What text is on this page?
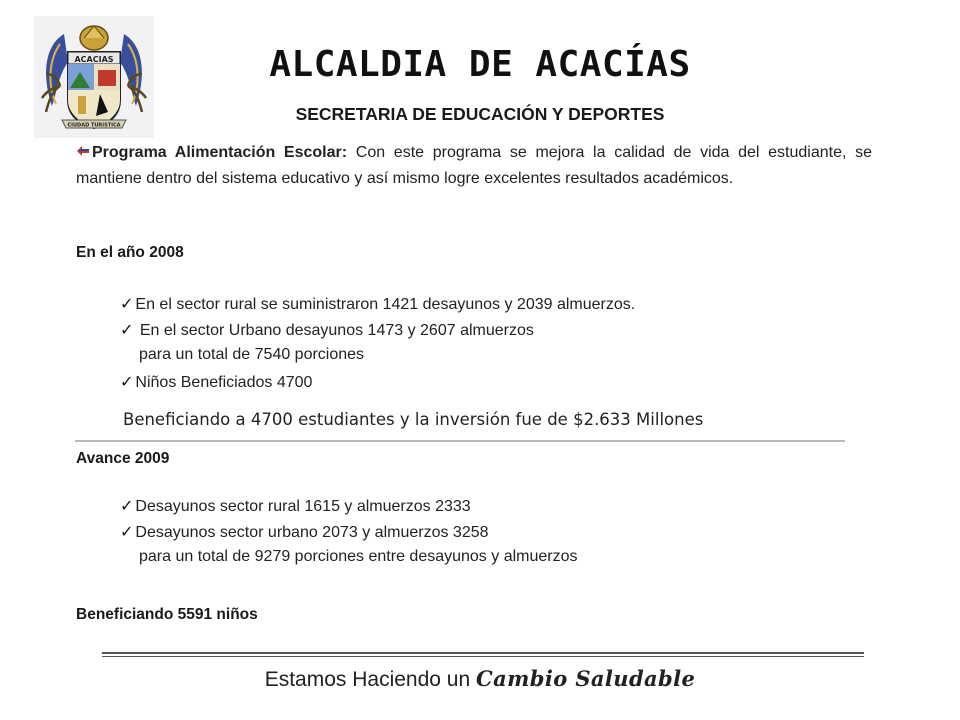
ACACIAS
CIUDAD TURISTICA
ALCALDIA DE ACACÍAS
SECRETARIA DE EDUCACIÓN Y DEPORTES
Programa Alimentación Escolar: Con este programa se mejora la calidad de vida del estudiante, se mantiene dentro del sistema educativo y así mismo logre excelentes resultados académicos.
En el año 2008
✓ En el sector rural se suministraron 1421 desayunos y 2039 almuerzos.
✓ En el sector Urbano desayunos 1473 y 2607 almuerzos
para un total de 7540 porciones
✓ Niños Beneficiados 4700
Beneficiando a 4700 estudiantes y la inversión fue de $2.633 Millones
Avance 2009
✓ Desayunos sector rural 1615 y almuerzos 2333
✓ Desayunos sector urbano 2073 y almuerzos 3258
para un total de 9279 porciones entre desayunos y almuerzos
Beneficiando 5591 niños
Estamos Haciendo un Cambio Saludable
